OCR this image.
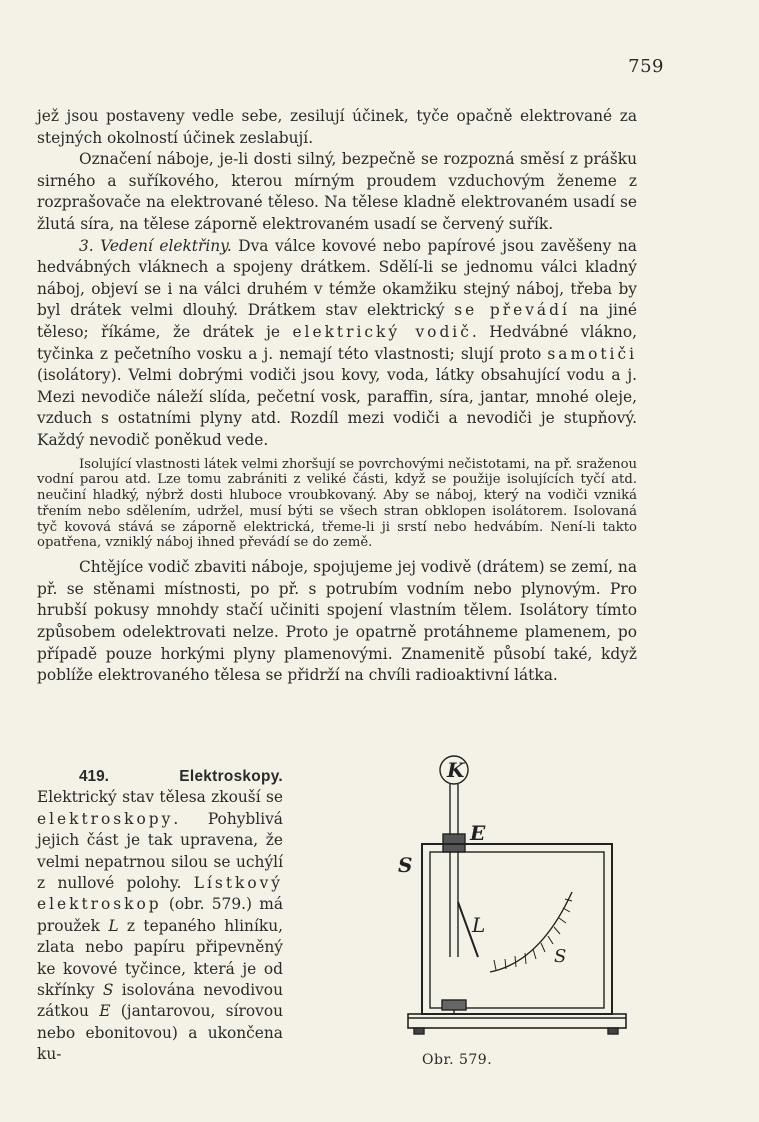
759

jež jsou postaveny vedle sebe, zesilují účinek, tyče opačně elektrované za stejných okolností účinek zeslabují.

Označení náboje, je-li dosti silný, bezpečně se rozpozná směsí z prášku sirného a suříkového, kterou mírným proudem vzduchovým ženeme z rozprašovače na elektrované těleso. Na tělese kladně elektrovaném usadí se žlutá síra, na tělese záporně elektrovaném usadí se červený suřík.

3. Vedení elektřiny. Dva válce kovové nebo papírové jsou zavěšeny na hedvábných vláknech a spojeny drátkem. Sdělí-li se jednomu válci kladný náboj, objeví se i na válci druhém v témže okamžiku stejný náboj, třeba by byl drátek velmi dlouhý. Drátkem stav elektrický se převádí na jiné těleso; říkáme, že drátek je elektrický vodič. Hedvábné vlákno, tyčinka z pečetního vosku a j. nemají této vlastnosti; slují proto samotiči (isolátory). Velmi dobrými vodiči jsou kovy, voda, látky obsahující vodu a j. Mezi nevodiče náleží slída, pečetní vosk, paraffin, síra, jantar, mnohé oleje, vzduch s ostatními plyny atd. Rozdíl mezi vodiči a nevodiči je stupňový. Každý nevodič poněkud vede.

Isolující vlastnosti látek velmi zhoršují se povrchovými nečistotami, na př. sraženou vodní parou atd. Lze tomu zabrániti z veliké části, když se použije isolujících tyčí atd. neučiní hladký, nýbrž dosti hluboce vroubkovaný. Aby se náboj, který na vodiči vzniká třením nebo sdělením, udržel, musí býti se všech stran obklopen isolátorem. Isolovaná tyč kovová stává se záporně elektrická, třeme-li ji srstí nebo hedvábím. Není-li takto opatřena, vzniklý náboj ihned převádí se do země.

Chtějíce vodič zbaviti náboje, spojujeme jej vodivě (drátem) se zemí, na př. se stěnami místnosti, po př. s potrubím vodním nebo plynovým. Pro hrubší pokusy mnohdy stačí učiniti spojení vlastním tělem. Isolátory tímto způsobem odelektrovati nelze. Proto je opatrně protáhneme plamenem, po případě pouze horkými plyny plamenovými. Znamenitě působí také, když poblíže elektrovaného tělesa se přidrží na chvíli radioaktivní látka.

419.	Elektroskopy. Elektrický stav tělesa zkouší se elektroskopy. Pohyblivá jejich část je tak upravena, že velmi nepatrnou silou se uchýlí z nullové polohy. Lístkový elektroskop (obr. 579.) má proužek L z tepaného hliníku, zlata nebo papíru připevněný ke kovové tyčince, která je od skřínky S isolována nevodivou zátkou E (jantarovou, sírovou nebo ebonitovou) a ukončena ku-

K
E
S
L
S
Obr. 579.
